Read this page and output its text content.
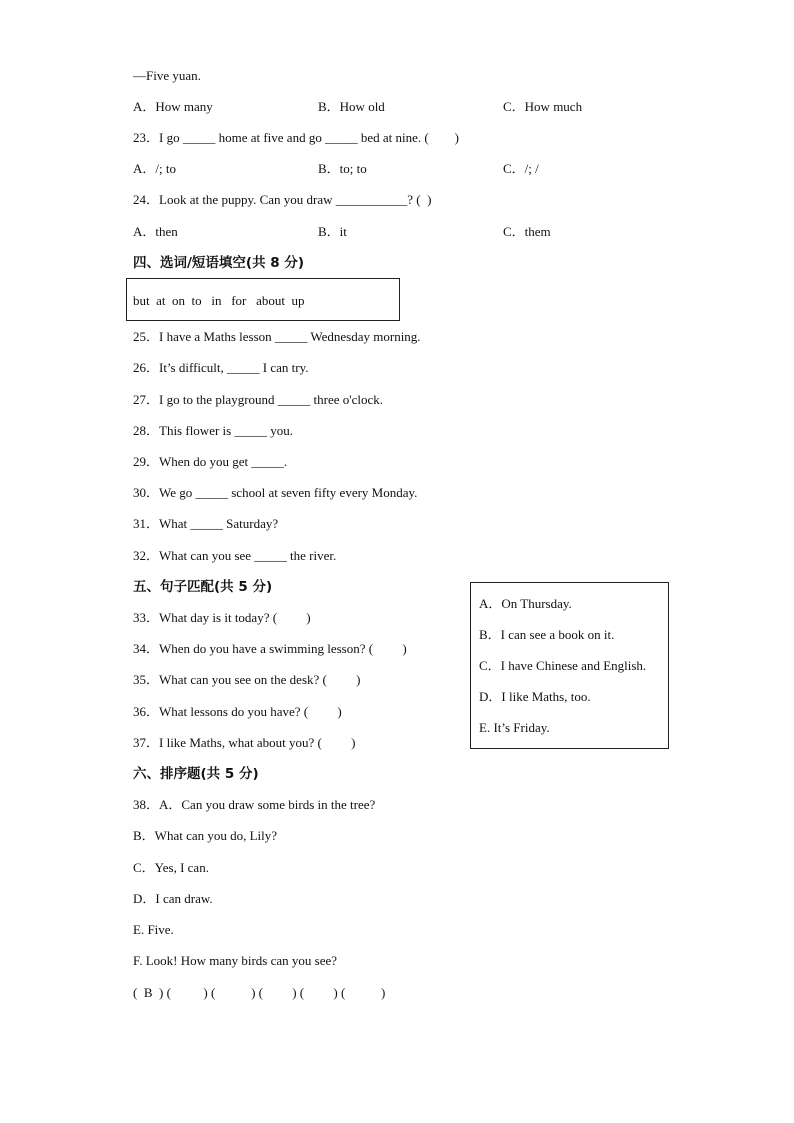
—Five yuan.
A．How many	B．How old	C．How much
23．I go _____ home at five and go _____ bed at nine. (　　)
A．/; to	B．to; to	C．/; /
24．Look at the puppy. Can you draw ___________? (  )
A．then	B．it	C．them
四、选词/短语填空(共 8 分)
but  at  on  to   in   for   about  up
25．I have a Maths lesson _____ Wednesday morning.
26．It’s difficult, _____ I can try.
27．I go to the playground _____ three o'clock.
28．This flower is _____ you.
29．When do you get _____.
30．We go _____ school at seven fifty every Monday.
31．What _____ Saturday?
32．What can you see _____ the river.
五、句子匹配(共 5 分)
33．What day is it today? (　　 )
34．When do you have a swimming lesson? (　　 )
35．What can you see on the desk? (　　 )
36．What lessons do you have? (　　 )
37．I like Maths, what about you? (　　 )
A．On Thursday.
B．I can see a book on it.
C．I have Chinese and English.
D．I like Maths, too.
E. It’s Friday.
六、排序题(共 5 分)
38．A．Can you draw some birds in the tree?
B．What can you do, Lily?
C．Yes, I can.
D．I can draw.
E. Five.
F. Look! How many birds can you see?
(  B  ) (　　  ) (　　   ) (　　 ) (　　 ) (　　   )
